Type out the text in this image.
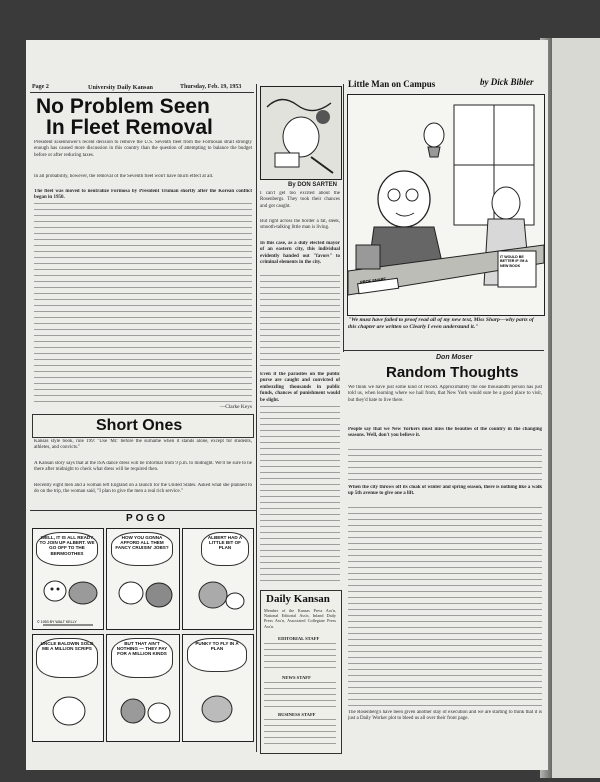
Page 2	University Daily Kansan	Thursday, Feb. 19, 1953
No Problem Seen
In Fleet Removal
President Eisenhower's recent decision to remove the U.S. Seventh fleet from the Formosan strait strongly enough has caused more discussion in this country than the question of attempting to balance the budget before or after reducing taxes.
In all probability, however, the removal of the Seventh fleet won't have much effect at all.
The fleet was moved to neutralize Formosa by President Truman shortly after the Korean conflict began in 1950.
—Clarke Keys
Short Ones
Kansas style book, rule 199: "Use 'Mr.' before the surname when it stands alone, except for students, athletes, and convicts."
A Kansan story says that at the ISA dance dress will be informal from 9 p.m. to midnight. We'll be sure to be there after midnight to check what dress will be required then.
Recently eight men and a woman left England on a launch for the United States. Asked what she planned to do on the trip, the woman said, "I plan to give the men a real rich service."
POGO
WELL, IT IS ALL READY TO JOIN UP ALBERT. WE GO OFF TO THE BERMOOTHES
© 1953 BY WALT KELLY
HOW YOU GONNA AFFORD ALL THEM FANCY CRUISIN' JOBS?
ALBERT HAD A LITTLE BIT OF PLAN
UNCLE BALDWIN SOLD ME A MILLION SCRIPS
BUT THAT AIN'T NOTHING — THEY PAY FOR A MILLION KINDS
PUNKY TO FLY IN A PLAN
By DON SARTEN
I can't get too excited about the Rosenbergs. They took their chances and got caught.
But right across the border a fat, sleek, smooth-talking little man is living.
In this case, as a duly elected mayor of an eastern city, this individual evidently handed out "favors" to criminal elements in the city.
Even if the parasites on the public purse are caught and convicted of embezzling thousands in public funds, chances of punishment would be slight.
Daily Kansan
Member of the Kansas Press Ass'n, National Editorial Ass'n, Inland Daily Press Ass'n, Associated Collegiate Press Ass'n.
EDITORIAL STAFF
NEWS STAFF
BUSINESS STAFF
Little Man on Campus	by Dick Bibler
PROF SNARF
IT WOULD BE BETTER IF I'M A NEW BOOK
"We must have failed to proof read all of my new text, Miss Sharp—why parts of this chapter are written so Clearly I even understand it."
Don Moser
Random Thoughts
We think we have just some kind of record. Approximately the one thousandth person has just told us, when learning where we hail from, that New York would sure be a good place to visit, but they'd hate to live there.
People say that we New Yorkers must miss the beauties of the country in the changing seasons. Well, don't you believe it.
When the city throws off its cloak of winter and spring season, there is nothing like a walk up 5th avenue to give one a lift.
The Rosenberg's have been given another stay of execution and we are starting to think that it is just a Daily Worker plot to bleed us all over their front page.
